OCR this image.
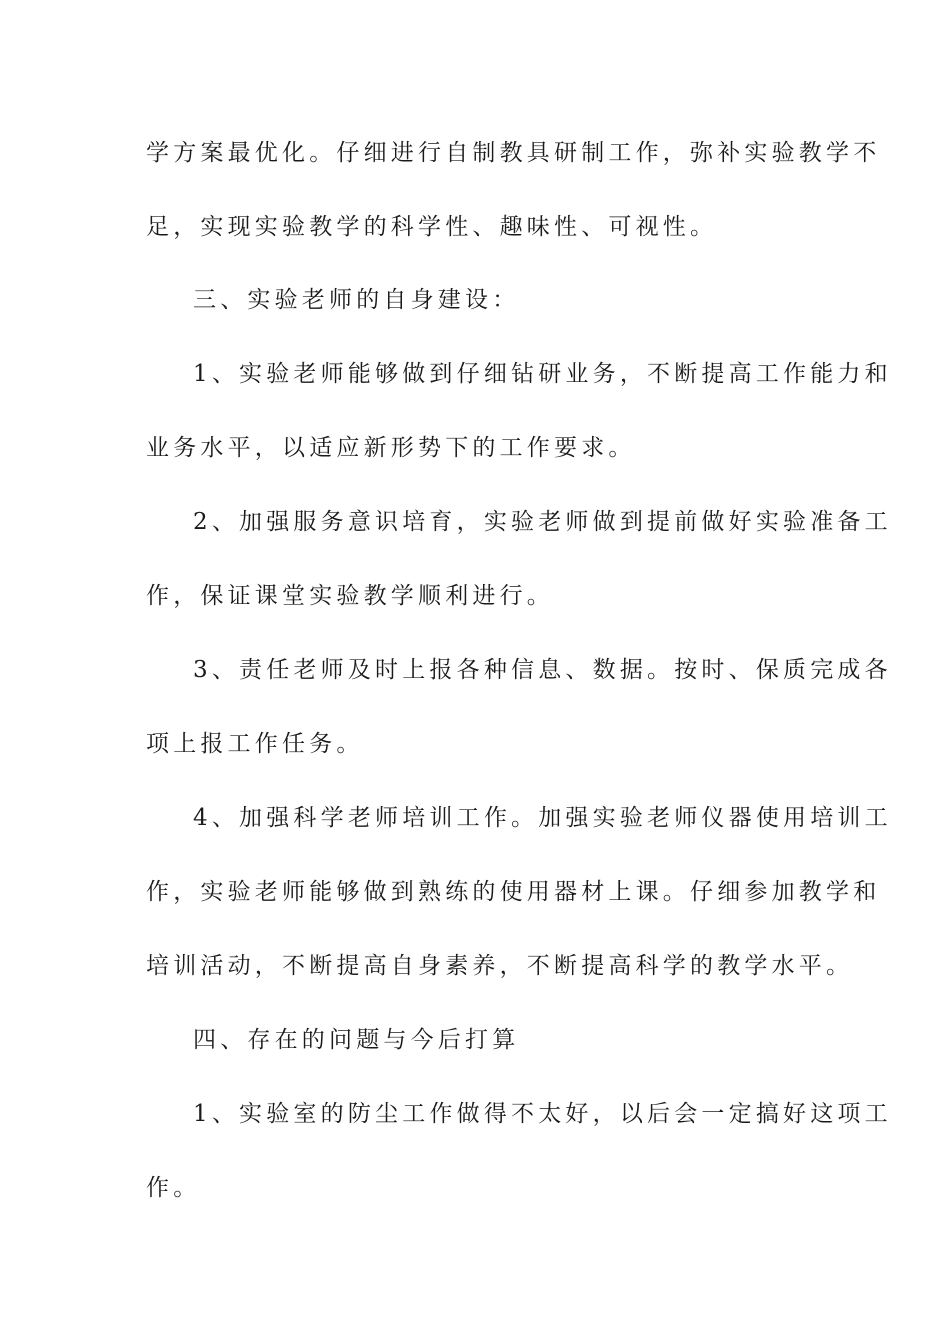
学方案最优化。仔细进行自制教具研制工作，弥补实验教学不
足，实现实验教学的科学性、趣味性、可视性。
三、实验老师的自身建设：
1、实验老师能够做到仔细钻研业务，不断提高工作能力和
业务水平，以适应新形势下的工作要求。
2、加强服务意识培育，实验老师做到提前做好实验准备工
作，保证课堂实验教学顺利进行。
3、责任老师及时上报各种信息、数据。按时、保质完成各
项上报工作任务。
4、加强科学老师培训工作。加强实验老师仪器使用培训工
作，实验老师能够做到熟练的使用器材上课。仔细参加教学和
培训活动，不断提高自身素养，不断提高科学的教学水平。
四、存在的问题与今后打算
1、实验室的防尘工作做得不太好，以后会一定搞好这项工
作。
